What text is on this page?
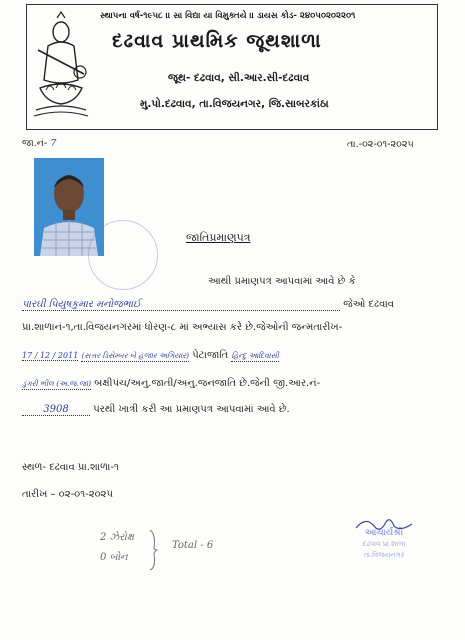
સ્થાપના વર્ષ-૧૯૫૮ ।। સા વિદ્યા યા વિમુક્તયે ।। ડાયસ કોડ- ૨૪૦૫૦૨૦૨૨૦૧
દઢવાવ પ્રાથમિક જૂથશાળા
જૂથ- દઢવાવ, સી.આર.સી-દઢવાવ
મુ.પો.દઢવાવ, તા.વિજયનગર, જિ.સાબરકાંઠા
જા.નં- 7	તા.-૦૨-૦૧-૨૦૨૫
જાતિપ્રમાણપત્ર
આથી પ્રમાણપત્ર આપવામાં આવે છે કે
પારઘી પિયુષકુમાર મનોજભાઈ	જેઓ દઢવાવ
પ્રા.શાળાનં-૧,તા.વિજયનગરમાં ધોરણ-૮ માં અભ્યાસ કરે છે.જેઓની જન્મતારીખ-
17 / 12 / 2011 (સત્તર ડિસેમ્બર બે હજાર અગિયાર) પેટાજાતિ હિન્દુ આદિવાસી
ડુંગરી ભીલ (અ.જ.જા) બક્ષીપંચ/અનુ.જાતી/અનુ.જનજાતિ છે.જેની જી.આર.નં-
3908 પરથી ખાત્રી કરી આ પ્રમાણપત્ર આપવામાં આવે છે.
સ્થળ- દઢવાવ પ્રા.શાળા-૧
તારીખ – ૦૨-૦૧-૨૦૨૫
2 ઝેરોક્ષ
0 બોન
Total - 6
આચાર્યશ્રી
દઢવાવ પ્રા.શાળા
તા.વિજયનગર
